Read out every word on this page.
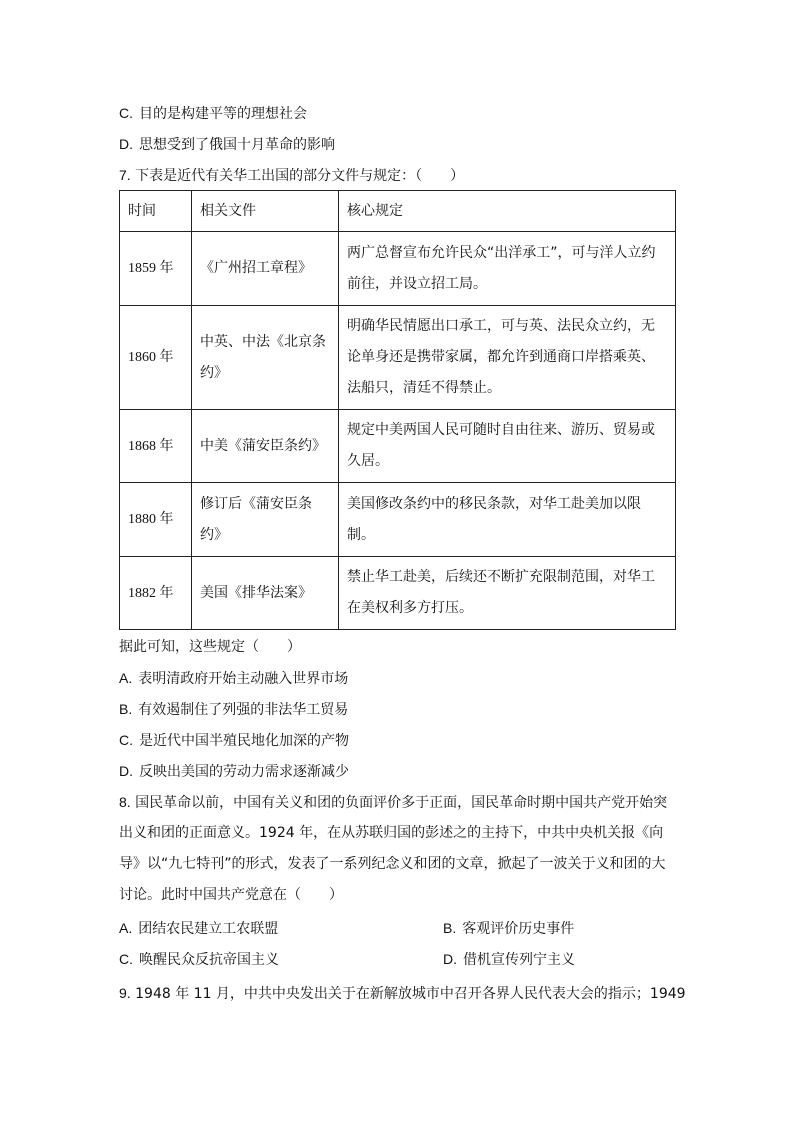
C. 目的是构建平等的理想社会
D. 思想受到了俄国十月革命的影响
7. 下表是近代有关华工出国的部分文件与规定：（　　）
时间	相关文件	核心规定
1859 年	《广州招工章程》	两广总督宣布允许民众“出洋承工”，可与洋人立约前往，并设立招工局。
1860 年	中英、中法《北京条约》	明确华民情愿出口承工，可与英、法民众立约，无论单身还是携带家属，都允许到通商口岸搭乘英、法船只，清廷不得禁止。
1868 年	中美《蒲安臣条约》	规定中美两国人民可随时自由往来、游历、贸易或久居。
1880 年	修订后《蒲安臣条约》	美国修改条约中的移民条款，对华工赴美加以限制。
1882 年	美国《排华法案》	禁止华工赴美，后续还不断扩充限制范围，对华工在美权利多方打压。
据此可知，这些规定（　　）
A. 表明清政府开始主动融入世界市场
B. 有效遏制住了列强的非法华工贸易
C. 是近代中国半殖民地化加深的产物
D. 反映出美国的劳动力需求逐渐减少
8. 国民革命以前，中国有关义和团的负面评价多于正面，国民革命时期中国共产党开始突
出义和团的正面意义。1924 年，在从苏联归国的彭述之的主持下，中共中央机关报《向
导》以“九七特刊”的形式，发表了一系列纪念义和团的文章，掀起了一波关于义和团的大
讨论。此时中国共产党意在（　　）
A. 团结农民建立工农联盟	B. 客观评价历史事件
C. 唤醒民众反抗帝国主义	D. 借机宣传列宁主义
9. 1948 年 11 月，中共中央发出关于在新解放城市中召开各界人民代表大会的指示；1949
